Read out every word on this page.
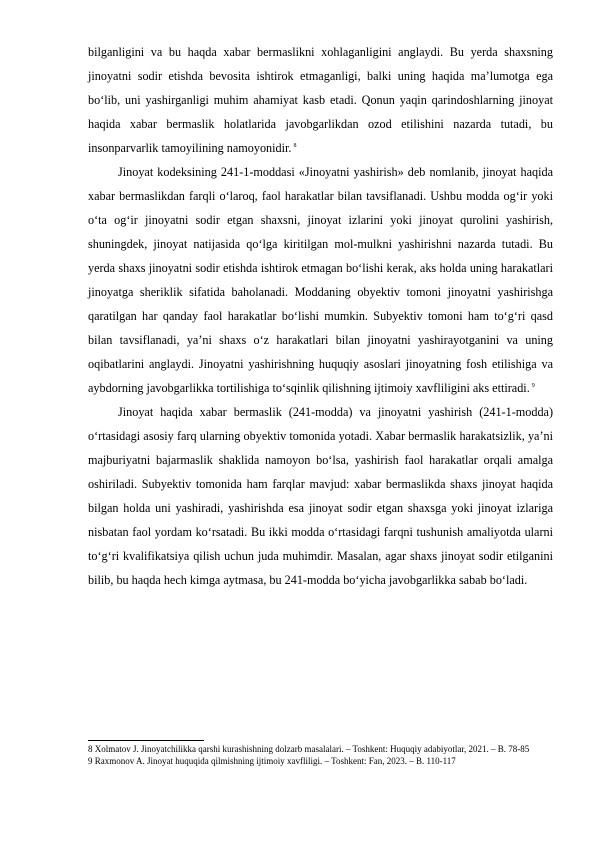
bilganligini va bu haqda xabar bermaslikni xohlaganligini anglaydi. Bu yerda shaxsning jinoyatni sodir etishda bevosita ishtirok etmaganligi, balki uning haqida maʼlumotga ega boʻlib, uni yashirganligi muhim ahamiyat kasb etadi. Qonun yaqin qarindoshlarning jinoyat haqida xabar bermaslik holatlarida javobgarlikdan ozod etilishini nazarda tutadi, bu insonparvarlik tamoyilining namoyonidir. $^8$

Jinoyat kodeksining 241-1-moddasi «Jinoyatni yashirish» deb nomlanib, jinoyat haqida xabar bermaslikdan farqli oʻlaroq, faol harakatlar bilan tavsiflanadi. Ushbu modda ogʻir yoki oʻta ogʻir jinoyatni sodir etgan shaxsni, jinoyat izlarini yoki jinoyat qurolini yashirish, shuningdek, jinoyat natijasida qoʻlga kiritilgan mol-mulkni yashirishni nazarda tutadi. Bu yerda shaxs jinoyatni sodir etishda ishtirok etmagan boʻlishi kerak, aks holda uning harakatlari jinoyatga sheriklik sifatida baholanadi. Moddaning obyektiv tomoni jinoyatni yashirishga qaratilgan har qanday faol harakatlar boʻlishi mumkin. Subyektiv tomoni ham toʻgʻri qasd bilan tavsiflanadi, yaʼni shaxs oʻz harakatlari bilan jinoyatni yashirayotganini va uning oqibatlarini anglaydi. Jinoyatni yashirishning huquqiy asoslari jinoyatning fosh etilishiga va aybdorning javobgarlikka tortilishiga toʻsqinlik qilishning ijtimoiy xavfliligini aks ettiradi. $^9$

Jinoyat haqida xabar bermaslik (241-modda) va jinoyatni yashirish (241-1-modda) oʻrtasidagi asosiy farq ularning obyektiv tomonida yotadi. Xabar bermaslik harakatsizlik, yaʼni majburiyatni bajarmaslik shaklida namoyon boʻlsa, yashirish faol harakatlar orqali amalga oshiriladi. Subyektiv tomonida ham farqlar mavjud: xabar bermaslikda shaxs jinoyat haqida bilgan holda uni yashiradi, yashirishda esa jinoyat sodir etgan shaxsga yoki jinoyat izlariga nisbatan faol yordam koʻrsatadi. Bu ikki modda oʻrtasidagi farqni tushunish amaliyotda ularni toʻgʻri kvalifikatsiya qilish uchun juda muhimdir. Masalan, agar shaxs jinoyat sodir etilganini bilib, bu haqda hech kimga aytmasa, bu 241-modda boʻyicha javobgarlikka sabab boʻladi.

8 Xolmatov J. Jinoyatchilikka qarshi kurashishning dolzarb masalalari. – Toshkent: Huquqiy adabiyotlar, 2021. – B. 78-85

9 Raxmonov A. Jinoyat huquqida qilmishning ijtimoiy xavfliligi. – Toshkent: Fan, 2023. – B. 110-117
